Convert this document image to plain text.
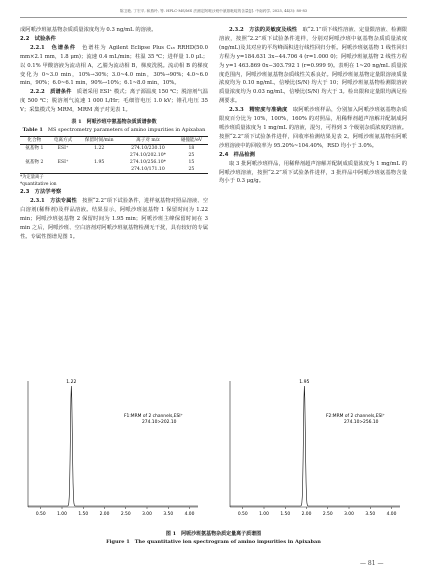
陈卫艳, 丁宏平, 和燕玲, 等. HPLC-MS/MS 法测定阿哌沙班中氨基吡啶的含量[J]. 中南药学, 2025, 44(3): 80-83

成阿哌沙班氨基物杂质质量浓度均为 0.3 ng/mL 的溶液。

2.2　试验条件

2.2.1　色谱条件　 色谱柱为 Agilent Eclipse Plus C₁₈ RRHD(50.0 mm×2.1 mm，1.8 μm)；流速 0.4 mL/min；柱温 35 ℃；进样量 1.0 μL；以 0.1% 甲酸溶液为流动相 A，乙腈为流动相 B，梯度洗脱。流动相 B 的梯度变化为 0~3.0 min，10%→30%；3.0~4.0 min，30%→90%；4.0~6.0 min，90%；6.0~6.1 min，90%→10%；6.1~8.0 min，10%。

2.2.2　质谱条件　 质谱采用 ESI⁺ 模式；离子源温度 150 ℃；脱溶剂气温度 500 ℃；脱溶剂气流速 1 000 L/Hr；毛细管电压 1.0 kV；锥孔电压 35 V；采集模式为 MRM，MRM 离子对见表 1。

表 1　 阿哌沙班中氨基物杂质质谱参数
Table 1　 MS spectrometry parameters of amino impurities in Apixaban
化合物	电离方式	保留时间/min	离子对 m/z	碰撞能/eV
氨基物 1	ESI⁺	1.22	274.10/230.10	18
			274.10/202.10*	25
氨基物 2	ESI⁺	1.95	274.10/256.10*	15
			274.10/171.10	25
*为定量离子
*quantitative ion

2.3　方法学考察

2.3.1　方法专属性　 按照“2.2”项下试验条件，进样氨基物对照品溶液、空白溶剂(稀释剂)及样品溶液。结果显示，阿哌沙班氨基物 1 保留时间为 1.22 min；阿哌沙班氨基物 2 保留时间为 1.95 min；阿哌沙班主峰保留时间在 3 min 之后，阿哌沙班、空白溶剂对阿哌沙班氨基物检测无干扰，具有较好的专属性。专属性图谱见图 1。

2.3.2　方法的灵敏度及线性　 取“2.1”项下线性溶液、定量限溶液、检测限溶液，按照“2.2”项下试验条件进样，分别对阿哌沙班中氨基物杂质质量浓度(ng/mL)及其对应的平均峰面积进行线性回归分析。阿哌沙班氨基物 1 线性回归方程为 y=184.631 3x−44.706 4 (r=1.000 0)；阿哌沙班氨基物 2 线性方程为 y=1 463.869 0x−303.792 1 (r=0.999 9)。表明在 1~20 ng/mL 质量浓度范围内，阿哌沙班氨基物杂质线性关系良好。阿哌沙班氨基物定量限溶液质量浓度均为 0.10 ng/mL，信噪比(S/N) 均大于 10；阿哌沙班氨基物检测限溶液质量浓度均为 0.03 ng/mL，信噪比(S/N) 均大于 3。检出限和定量限均满足检测要求。

2.3.3　精密度与准确度　 取阿哌沙班样品，分别加入阿哌沙班氨基物杂质限度百分比为 10%，100%，160% 的对照品，用稀释剂超声溶解并配制成阿哌沙班质量浓度为 1 mg/mL 的溶液，混匀，可得到 3 个级别杂质浓度的溶液。按照“2.2”项下试验条件进样，回收率检测结果见表 2。阿哌沙班氨基物在阿哌沙班溶液中的回收率为 95.20%~104.40%，RSD 均小于 3.0%。

2.4　样品检测

取 3 批阿哌沙班样品，用稀释剂超声溶解并配制成质量浓度为 1 mg/mL 的阿哌沙班溶液，按照“2.2”项下试验条件进样，3 批样品中阿哌沙班氨基物含量均小于 0.3 μg/g。

F1:MRM of 2 channels,ESI⁺
274.10>202.10
0.50	1.00	1.50	2.00	2.50	3.00	3.50	4.00
1.22
F2:MRM of 2 channels,ESI⁺
274.10>256.10
0.50	1.00	1.50	2.00	2.50	3.00	3.50	4.00
1.95
图 1　 阿哌沙班氨基物杂质定量离子质谱图
Figure 1　 The quantitative ion spectrogram of amino impurities in Apixaban
— 81 —
